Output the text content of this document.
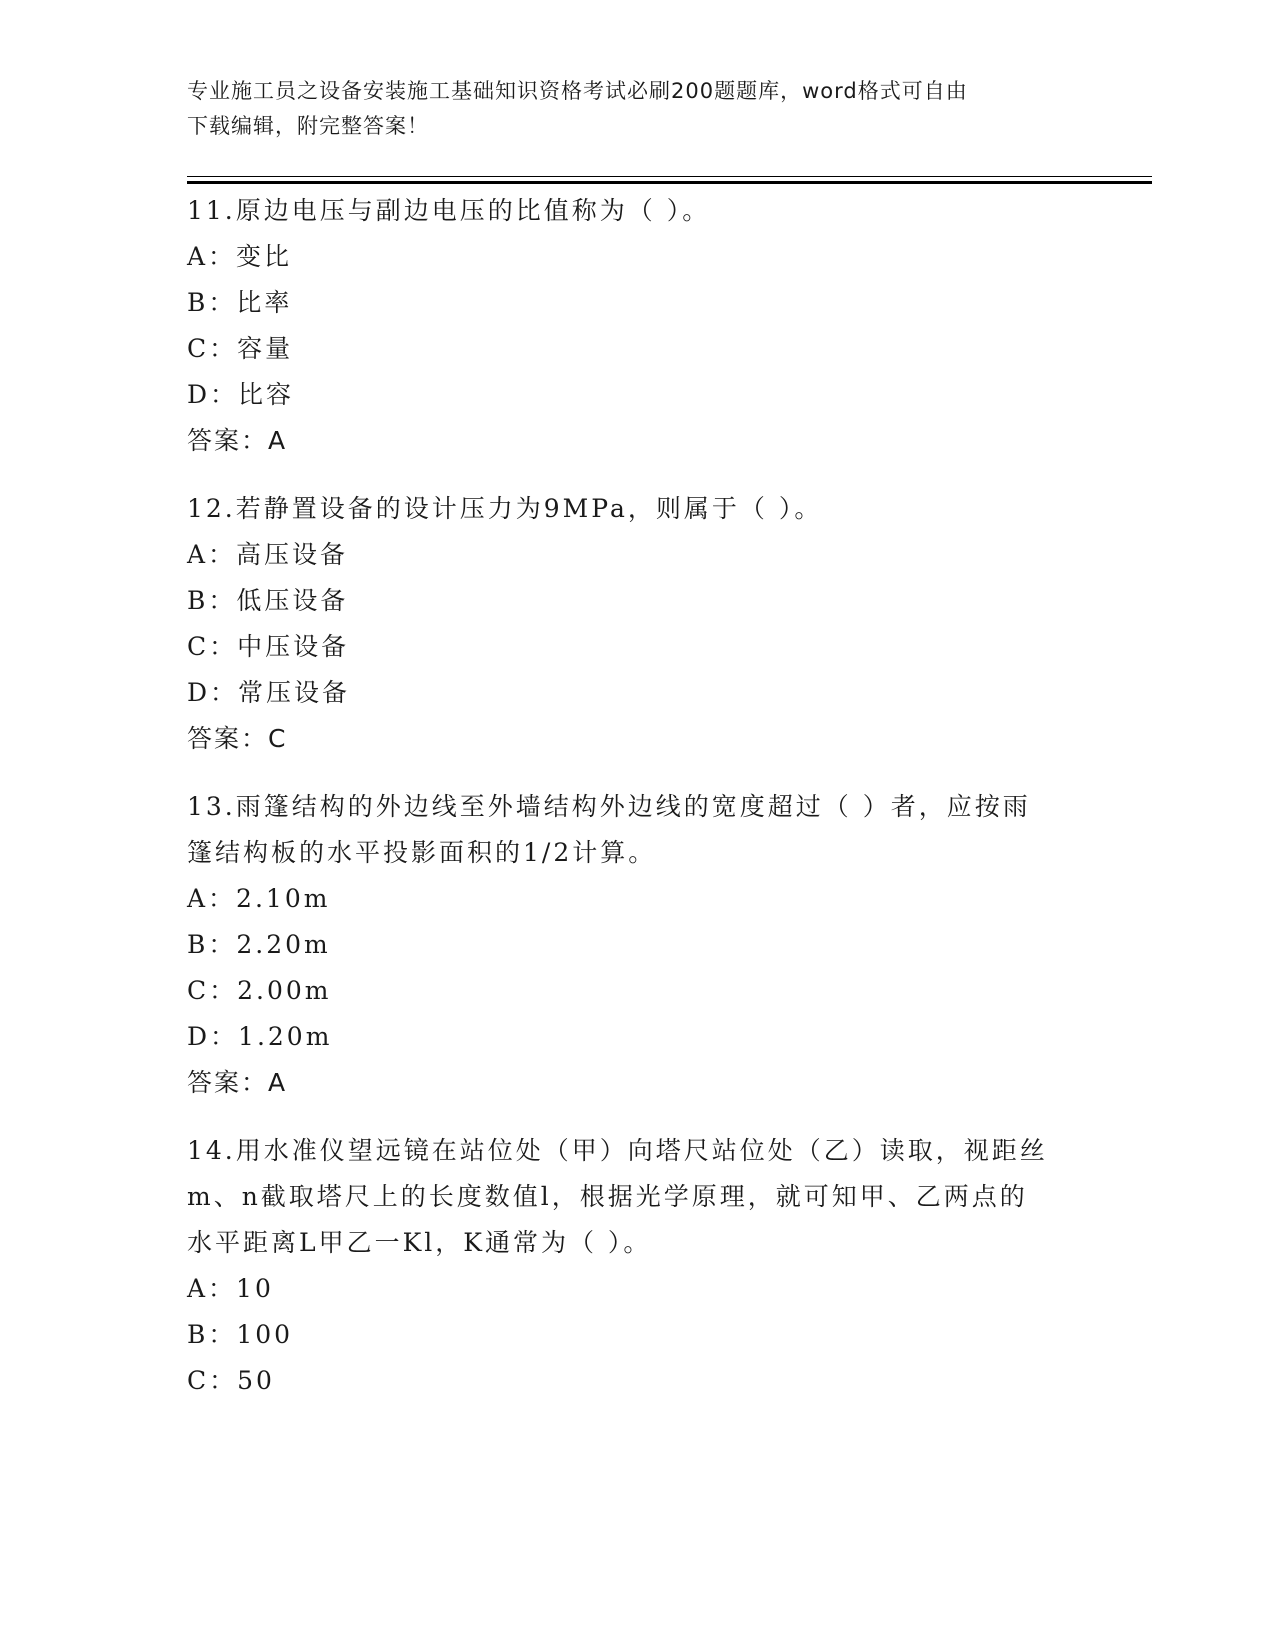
专业施工员之设备安装施工基础知识资格考试必刷200题题库，word格式可自由
下载编辑，附完整答案！
11.原边电压与副边电压的比值称为（ ）。
A：变比
B：比率
C：容量
D：比容
答案：A
12.若静置设备的设计压力为9MPa，则属于（ ）。
A：高压设备
B：低压设备
C：中压设备
D：常压设备
答案：C
13.雨篷结构的外边线至外墙结构外边线的宽度超过（ ）者，应按雨
篷结构板的水平投影面积的1/2计算。
A：2.10m
B：2.20m
C：2.00m
D：1.20m
答案：A
14.用水准仪望远镜在站位处（甲）向塔尺站位处（乙）读取，视距丝
m、n截取塔尺上的长度数值l，根据光学原理，就可知甲、乙两点的
水平距离L甲乙一Kl，K通常为（ ）。
A：10
B：100
C：50
